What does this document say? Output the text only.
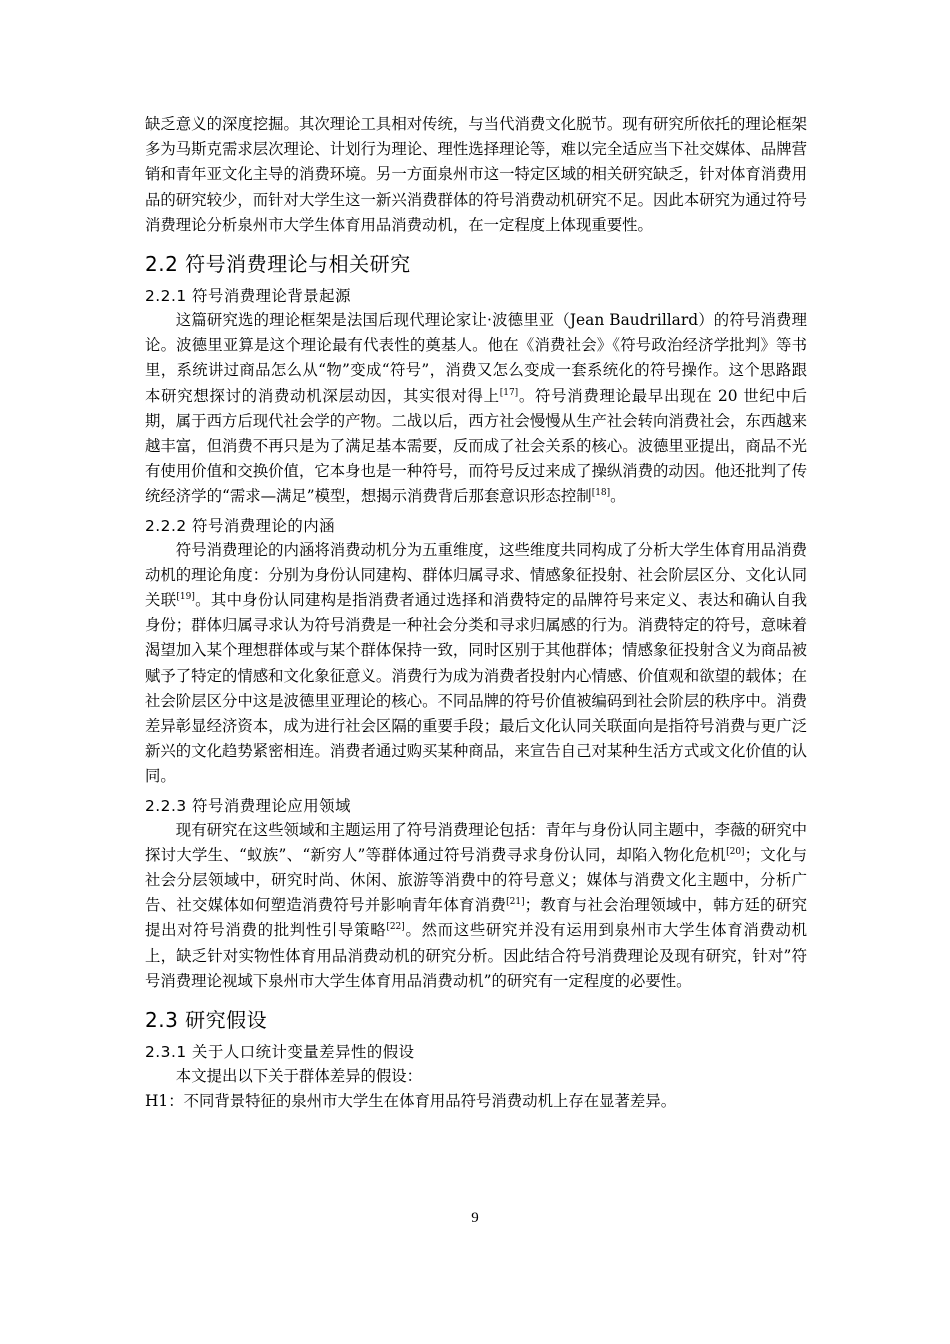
缺乏意义的深度挖掘。其次理论工具相对传统，与当代消费文化脱节。现有研究所依托的理论框架多为马斯克需求层次理论、计划行为理论、理性选择理论等，难以完全适应当下社交媒体、品牌营销和青年亚文化主导的消费环境。另一方面泉州市这一特定区域的相关研究缺乏，针对体育消费用品的研究较少，而针对大学生这一新兴消费群体的符号消费动机研究不足。因此本研究为通过符号消费理论分析泉州市大学生体育用品消费动机，在一定程度上体现重要性。

2.2 符号消费理论与相关研究
2.2.1 符号消费理论背景起源

这篇研究选的理论框架是法国后现代理论家让·波德里亚（Jean Baudrillard）的符号消费理论。波德里亚算是这个理论最有代表性的奠基人。他在《消费社会》《符号政治经济学批判》等书里，系统讲过商品怎么从“物”变成“符号”，消费又怎么变成一套系统化的符号操作。这个思路跟本研究想探讨的消费动机深层动因，其实很对得上[17]。符号消费理论最早出现在 20 世纪中后期，属于西方后现代社会学的产物。二战以后，西方社会慢慢从生产社会转向消费社会，东西越来越丰富，但消费不再只是为了满足基本需要，反而成了社会关系的核心。波德里亚提出，商品不光有使用价值和交换价值，它本身也是一种符号，而符号反过来成了操纵消费的动因。他还批判了传统经济学的“需求—满足”模型，想揭示消费背后那套意识形态控制[18]。

2.2.2 符号消费理论的内涵

符号消费理论的内涵将消费动机分为五重维度，这些维度共同构成了分析大学生体育用品消费动机的理论角度：分别为身份认同建构、群体归属寻求、情感象征投射、社会阶层区分、文化认同关联[19]。其中身份认同建构是指消费者通过选择和消费特定的品牌符号来定义、表达和确认自我身份；群体归属寻求认为符号消费是一种社会分类和寻求归属感的行为。消费特定的符号，意味着渴望加入某个理想群体或与某个群体保持一致，同时区别于其他群体；情感象征投射含义为商品被赋予了特定的情感和文化象征意义。消费行为成为消费者投射内心情感、价值观和欲望的载体；在社会阶层区分中这是波德里亚理论的核心。不同品牌的符号价值被编码到社会阶层的秩序中。消费差异彰显经济资本，成为进行社会区隔的重要手段；最后文化认同关联面向是指符号消费与更广泛新兴的文化趋势紧密相连。消费者通过购买某种商品，来宣告自己对某种生活方式或文化价值的认同。

2.2.3 符号消费理论应用领域

现有研究在这些领域和主题运用了符号消费理论包括：青年与身份认同主题中，李薇的研究中探讨大学生、“蚁族”、“新穷人”等群体通过符号消费寻求身份认同，却陷入物化危机[20]；文化与社会分层领域中，研究时尚、休闲、旅游等消费中的符号意义；媒体与消费文化主题中，分析广告、社交媒体如何塑造消费符号并影响青年体育消费[21]；教育与社会治理领域中，韩方廷的研究提出对符号消费的批判性引导策略[22]。然而这些研究并没有运用到泉州市大学生体育消费动机上，缺乏针对实物性体育用品消费动机的研究分析。因此结合符号消费理论及现有研究，针对”符号消费理论视域下泉州市大学生体育用品消费动机”的研究有一定程度的必要性。

2.3 研究假设
2.3.1 关于人口统计变量差异性的假设

本文提出以下关于群体差异的假设：

H1：不同背景特征的泉州市大学生在体育用品符号消费动机上存在显著差异。

9
